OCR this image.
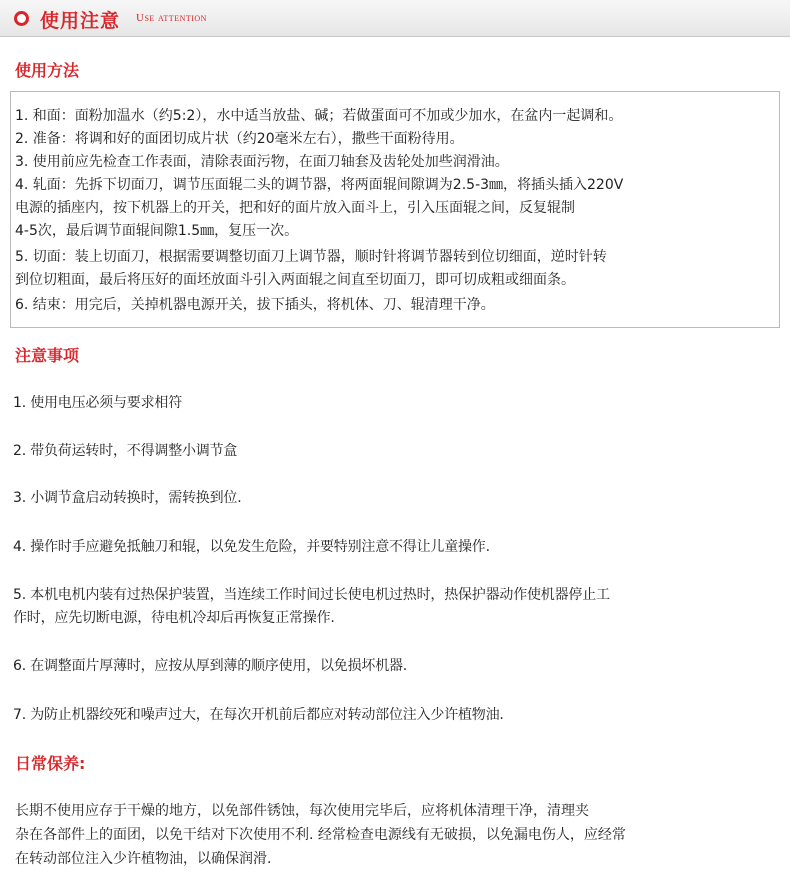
使用注意 Use attention
使用方法
1. 和面：面粉加温水（约5:2），水中适当放盐、碱；若做蛋面可不加或少加水，在盆内一起调和。
2. 准备：将调和好的面团切成片状（约20毫米左右），撒些干面粉待用。
3. 使用前应先检查工作表面，清除表面污物，在面刀轴套及齿轮处加些润滑油。
4. 轧面：先拆下切面刀，调节压面辊二头的调节器，将两面辊间隙调为2.5-3㎜，将插头插入220V
电源的插座内，按下机器上的开关，把和好的面片放入面斗上，引入压面辊之间，反复辊制
4-5次，最后调节面辊间隙1.5㎜，复压一次。
5. 切面：装上切面刀，根据需要调整切面刀上调节器，顺时针将调节器转到位切细面，逆时针转
到位切粗面，最后将压好的面坯放面斗引入两面辊之间直至切面刀，即可切成粗或细面条。
6. 结束：用完后，关掉机器电源开关，拔下插头，将机体、刀、辊清理干净。
注意事项
1. 使用电压必须与要求相符
2. 带负荷运转时，不得调整小调节盒
3. 小调节盒启动转换时，需转换到位.
4. 操作时手应避免抵触刀和辊，以免发生危险，并要特别注意不得让儿童操作.
5. 本机电机内装有过热保护装置，当连续工作时间过长使电机过热时，热保护器动作使机器停止工
作时，应先切断电源，待电机冷却后再恢复正常操作.
6. 在调整面片厚薄时，应按从厚到薄的顺序使用，以免损坏机器.
7. 为防止机器绞死和噪声过大，在每次开机前后都应对转动部位注入少许植物油.
日常保养:
长期不使用应存于干燥的地方，以免部件锈蚀，每次使用完毕后，应将机体清理干净，清理夹
杂在各部件上的面团，以免干结对下次使用不利. 经常检查电源线有无破损，以免漏电伤人，应经常
在转动部位注入少许植物油，以确保润滑.
